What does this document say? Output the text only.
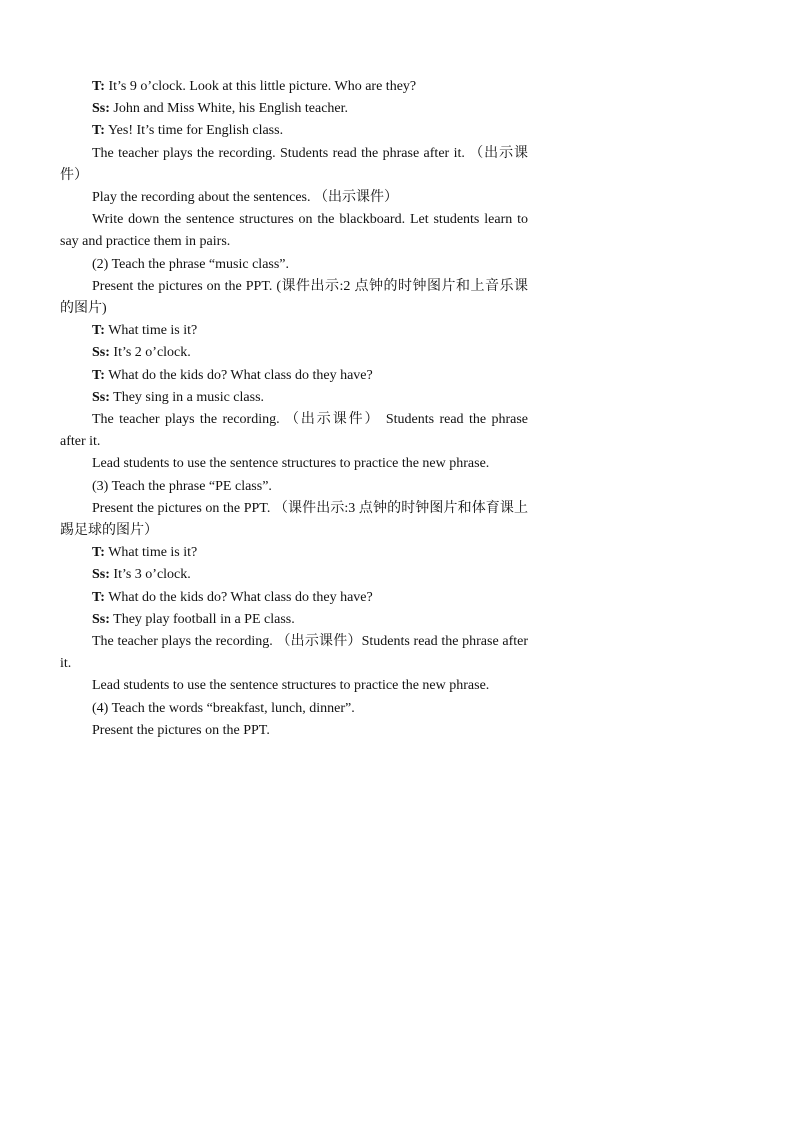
T: It’s 9 o’clock. Look at this little picture. Who are they?

Ss: John and Miss White, his English teacher.

T: Yes! It’s time for English class.

The teacher plays the recording. Students read the phrase after it. （出示课件）

Play the recording about the sentences. （出示课件）

Write down the sentence structures on the blackboard. Let students learn to say and practice them in pairs.

(2) Teach the phrase “music class”.

Present the pictures on the PPT. (课件出示:2 点钟的时钟图片和上音乐课的图片)

T: What time is it?

Ss: It’s 2 o’clock.

T: What do the kids do? What class do they have?

Ss: They sing in a music class.

The teacher plays the recording. （出示课件） Students read the phrase after it.

Lead students to use the sentence structures to practice the new phrase.

(3) Teach the phrase “PE class”.

Present the pictures on the PPT. （课件出示:3 点钟的时钟图片和体育课上踢足球的图片）

T: What time is it?

Ss: It’s 3 o’clock.

T: What do the kids do? What class do they have?

Ss: They play football in a PE class.

The teacher plays the recording. （出示课件）Students read the phrase after it.

Lead students to use the sentence structures to practice the new phrase.

(4) Teach the words “breakfast, lunch, dinner”.

Present the pictures on the PPT.
